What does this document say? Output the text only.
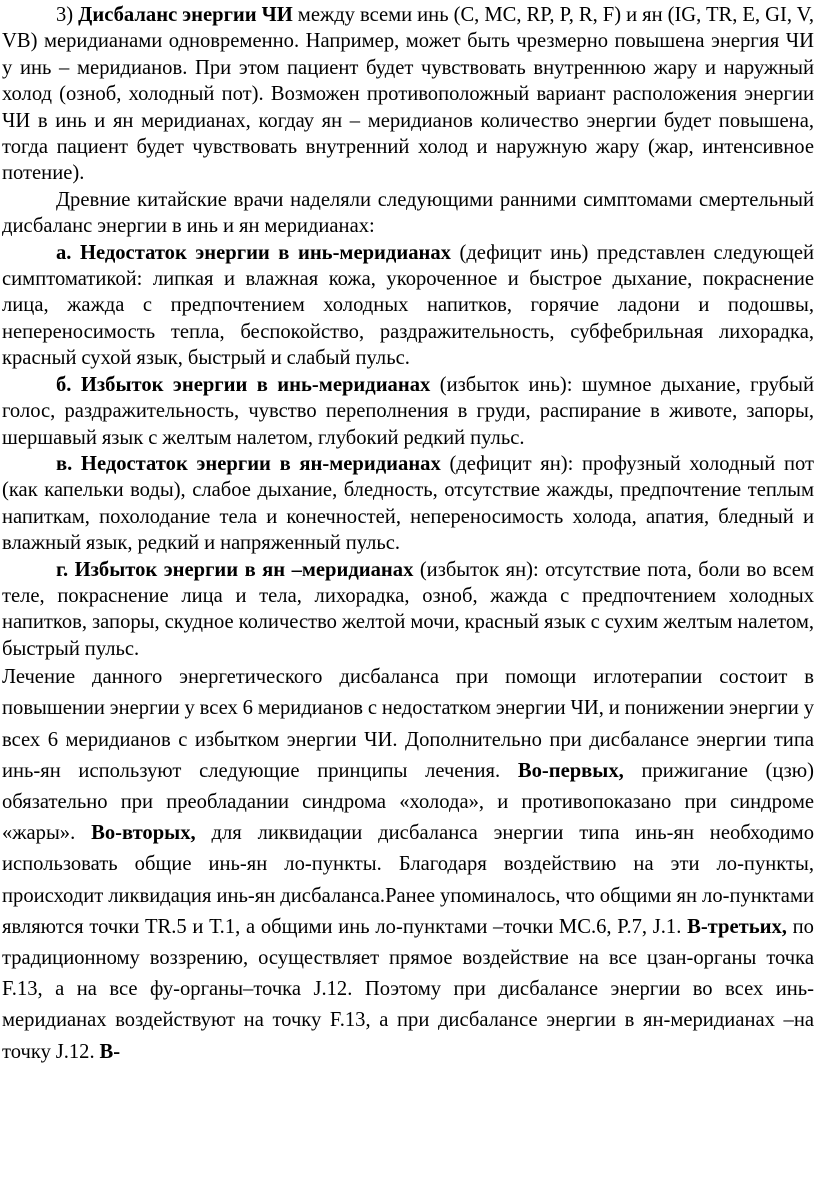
3) Дисбаланс энергии ЧИ между всеми инь (C, MC, RP, P, R, F) и ян (IG, TR, E, GI, V, VB) меридианами одновременно. Например, может быть чрезмерно повышена энергия ЧИ у инь – меридианов. При этом пациент будет чувствовать внутреннюю жару и наружный холод (озноб, холодный пот). Возможен противоположный вариант расположения энергии ЧИ в инь и ян меридианах, когдау ян – меридианов количество энергии будет повышена, тогда пациент будет чувствовать внутренний холод и наружную жару (жар, интенсивное потение).

Древние китайские врачи наделяли следующими ранними симптомами смертельный дисбаланс энергии в инь и ян меридианах:

а. Недостаток энергии в инь-меридианах (дефицит инь) представлен следующей симптоматикой: липкая и влажная кожа, укороченное и быстрое дыхание, покраснение лица, жажда с предпочтением холодных напитков, горячие ладони и подошвы, непереносимость тепла, беспокойство, раздражительность, субфебрильная лихорадка, красный сухой язык, быстрый и слабый пульс.

б. Избыток энергии в инь-меридианах (избыток инь): шумное дыхание, грубый голос, раздражительность, чувство переполнения в груди, распирание в животе, запоры, шершавый язык с желтым налетом, глубокий редкий пульс.

в. Недостаток энергии в ян-меридианах (дефицит ян): профузный холодный пот (как капельки воды), слабое дыхание, бледность, отсутствие жажды, предпочтение теплым напиткам, похолодание тела и конечностей, непереносимость холода, апатия, бледный и влажный язык, редкий и напряженный пульс.

г. Избыток энергии в ян –меридианах (избыток ян): отсутствие пота, боли во всем теле, покраснение лица и тела, лихорадка, озноб, жажда с предпочтением холодных напитков, запоры, скудное количество желтой мочи, красный язык с сухим желтым налетом, быстрый пульс.

Лечение данного энергетического дисбаланса при помощи иглотерапии состоит в повышении энергии у всех 6 меридианов с недостатком энергии ЧИ, и понижении энергии у всех 6 меридианов с избытком энергии ЧИ. Дополнительно при дисбалансе энергии типа инь-ян используют следующие принципы лечения. Во-первых, прижигание (цзю) обязательно при преобладании синдрома «холода», и противопоказано при синдроме «жары». Во-вторых, для ликвидации дисбаланса энергии типа инь-ян необходимо использовать общие инь-ян ло-пункты. Благодаря воздействию на эти ло-пункты, происходит ликвидация инь-ян дисбаланса.Ранее упоминалось, что общими ян ло-пунктами являются точки TR.5 и Т.1, а общими инь ло-пунктами –точки MC.6, P.7, J.1. В-третьих, по традиционному воззрению, осуществляет прямое воздействие на все цзан-органы точка F.13, а на все фу-органы–точка J.12. Поэтому при дисбалансе энергии во всех инь-меридианах воздействуют на точку F.13, а при дисбалансе энергии в ян-меридианах –на точку J.12. В-
